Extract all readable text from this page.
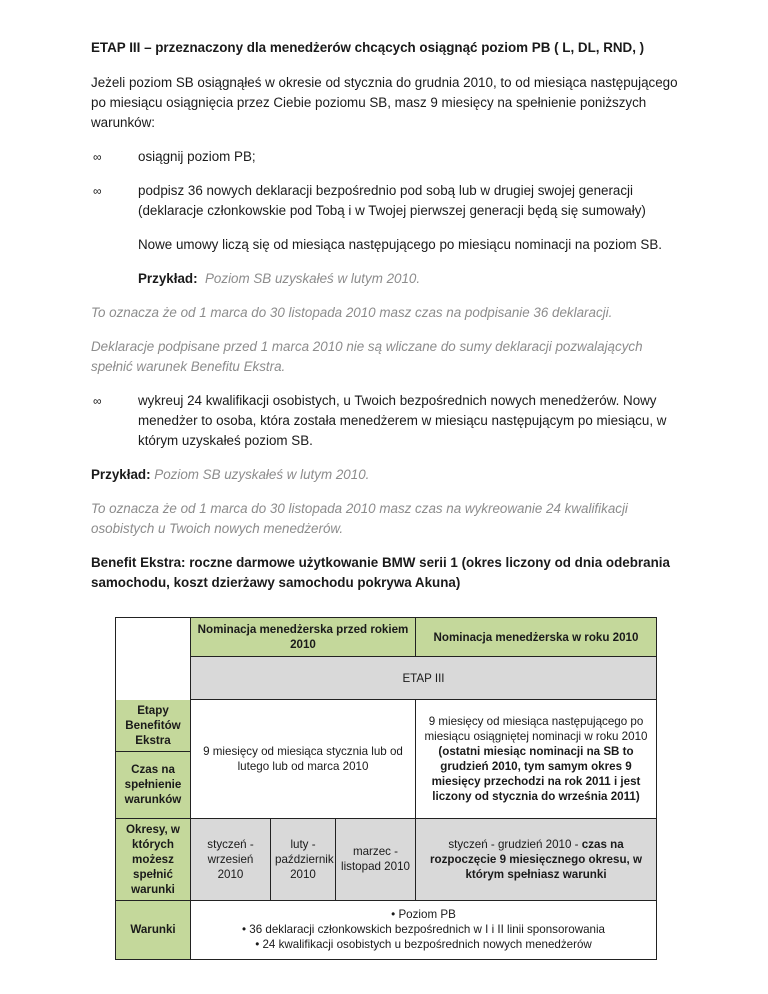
ETAP III – przeznaczony dla menedżerów chcących osiągnąć poziom PB ( L, DL, RND, )

Jeżeli poziom SB osiągnąłeś w okresie od stycznia do grudnia 2010, to od miesiąca następującego po miesiącu osiągnięcia przez Ciebie poziomu SB, masz 9 miesięcy na spełnienie poniższych warunków:

∞	osiągnij poziom PB;

∞	podpisz 36 nowych deklaracji bezpośrednio pod sobą lub w drugiej swojej generacji (deklaracje członkowskie pod Tobą i w Twojej pierwszej generacji będą się sumowały)

Nowe umowy liczą się od miesiąca następującego po miesiącu nominacji na poziom SB.

Przykład: Poziom SB uzyskałeś w lutym 2010.

To oznacza że od 1 marca do 30 listopada 2010 masz czas na podpisanie 36 deklaracji.

Deklaracje podpisane przed 1 marca 2010 nie są wliczane do sumy deklaracji pozwalających spełnić warunek Benefitu Ekstra.

∞	wykreuj 24 kwalifikacji osobistych, u Twoich bezpośrednich nowych menedżerów. Nowy menedżer to osoba, która została menedżerem w miesiącu następującym po miesiącu, w którym uzyskałeś poziom SB.

Przykład: Poziom SB uzyskałeś w lutym 2010.

To oznacza że od 1 marca do 30 listopada 2010 masz czas na wykreowanie 24 kwalifikacji osobistych u Twoich nowych menedżerów.

Benefit Ekstra: roczne darmowe użytkowanie BMW serii 1 (okres liczony od dnia odebrania samochodu, koszt dzierżawy samochodu pokrywa Akuna)

	Nominacja menedżerska przed rokiem 2010			Nominacja menedżerska w roku 2010
	ETAP III			
Etapy Benefitów Ekstra	9 miesięcy od miesiąca stycznia lub od lutego lub od marca 2010			9 miesięcy od miesiąca następującego po miesiącu osiągniętej nominacji w roku 2010 (ostatni miesiąc nominacji na SB to grudzień 2010, tym samym okres 9 miesięcy przechodzi na rok 2011 i jest liczony od stycznia do września 2011)
Czas na spełnienie warunków				
Okresy, w których możesz spełnić warunki	styczeń - wrzesień 2010	luty - październik 2010	marzec - listopad 2010	styczeń - grudzień 2010 - czas na rozpoczęcie 9 miesięcznego okresu, w którym spełniasz warunki
Warunki	• Poziom PB
• 36 deklaracji członkowskich bezpośrednich w I i II linii sponsorowania
• 24 kwalifikacji osobistych u bezpośrednich nowych menedżerów			
